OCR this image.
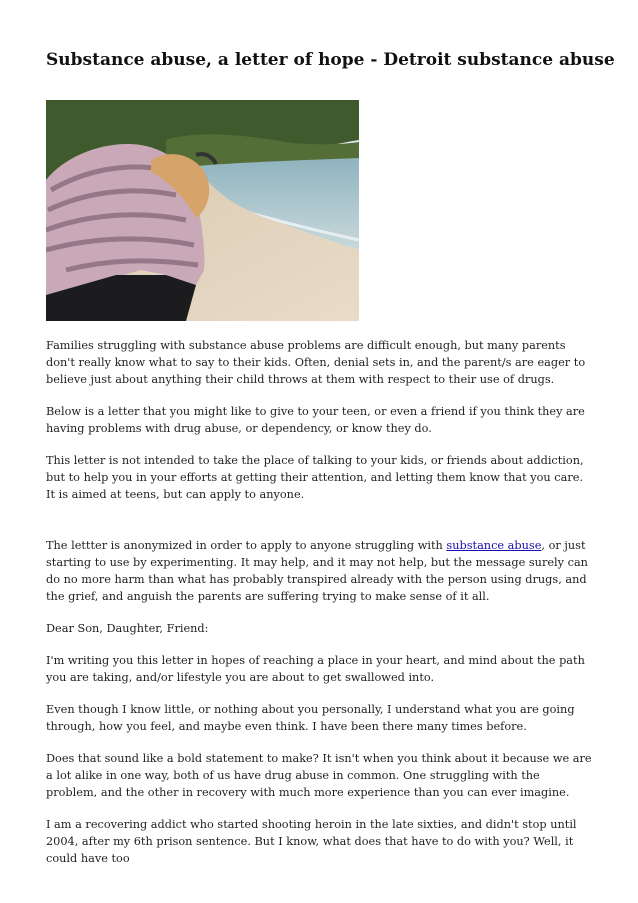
Substance abuse, a letter of hope - Detroit substance abuse

Families struggling with substance abuse problems are difficult enough, but many parents don't really know what to say to their kids. Often, denial sets in, and the parent/s are eager to believe just about anything their child throws at them with respect to their use of drugs.

Below is a letter that you might like to give to your teen, or even a friend if you think they are having problems with drug abuse, or dependency, or know they do.

This letter is not intended to take the place of talking to your kids, or friends about addiction, but to help you in your efforts at getting their attention, and letting them know that you care. It is aimed at teens, but can apply to anyone.

The lettter is anonymized in order to apply to anyone struggling with substance abuse, or just starting to use by experimenting. It may help, and it may not help, but the message surely can do no more harm than what has probably transpired already with the person using drugs, and the grief, and anguish the parents are suffering trying to make sense of it all.

Dear Son, Daughter, Friend:

I'm writing you this letter in hopes of reaching a place in your heart, and mind about the path you are taking, and/or lifestyle you are about to get swallowed into.

Even though I know little, or nothing about you personally, I understand what you are going through, how you feel, and maybe even think. I have been there many times before.

Does that sound like a bold statement to make? It isn't when you think about it because we are a lot alike in one way, both of us have drug abuse in common. One struggling with the problem, and the other in recovery with much more experience than you can ever imagine.

I am a recovering addict who started shooting heroin in the late sixties, and didn't stop until 2004, after my 6th prison sentence. But I know, what does that have to do with you? Well, it could have too
